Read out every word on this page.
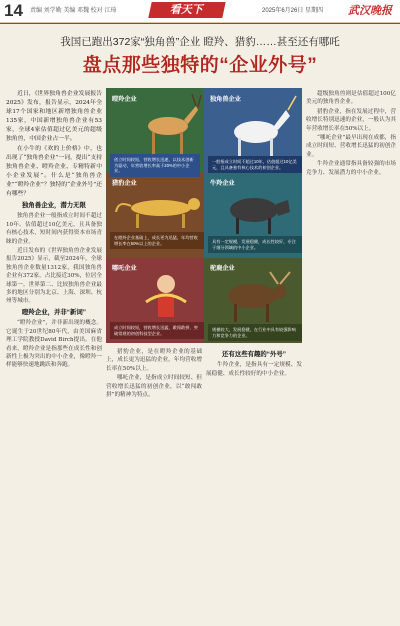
14 责编 刘学勤 美编 邓魏 校对 江琦	看天下	2025年6月26日 星期四 武汉晚报
我国已跑出372家“独角兽”企业 瞪羚、猎豹……甚至还有哪吒
盘点那些独特的“企业外号”

近日，《世界独角兽企业发展报告2025》发布，报告显示，2024年全球17个国家和地区新增独角兽企业135家，中国新增独角兽企业有53家，全球4家估值超过亿美元的超级独角兽，中国企业占一半。

在小牛的《欢的上价格》中，也出现了“独角兽企业”一词，提出“支持独角兽企业、瞪羚企业、专精特新中小企业发展”。什么是“独角兽企业”“瞪羚企业”？独特的“企业外号”还有哪些？

独角兽企业，潜力无限

独角兽企业一般指成立时间不超过10年、估值超过10亿美元，且具备独有核心技术，短时间内获得资本市场青睐的企业。

近日发布的《世界独角兽企业发展报告2025》显示，截至2024年，全球独角兽企业数量1312家，我国独角兽企业有372家，占比接近30%，位居全球第一。世界第二、比较独角兽企业最多的地区分别为北京、上海、深圳、杭州等城市。

瞪羚企业，并非“新词”

“瞪羚企业”，并非新出现的概念。它诞生于20世纪80年代，由美国麻省理工学院教授David Birch提出。在他看来，瞪羚企业是指那些在成长性和创新性上极为突出的中小企业，像瞪羚一样能够快速地跳跃和奔跑。

瞪羚企业	独角兽企业
猎豹企业	牛羚企业
哪吒企业	驼鹿企业
创立时间较短，营收增长迅速，以技术创新为驱动，年营收增长率高于20%的中小企业。
一般指成立时间不超过10年，估值超过10亿美元，且具备独有核心技术的初创企业。
在瞪羚企业基础上，成长更为迅猛，年均营收增长率在50%以上的企业。	具有一定规模，发展稳健，成长性较好，专注于细分领域的中小企业。
成立时间较短，营收增长迅猛，敢闯敢拼、突破常规的初创科技型企业。
规模较大，发展稳健，在行业中具有较强影响力和竞争力的企业。

猎豹企业，是在瞪羚企业的基础上，成长更为迅猛的企业，年均营收增长率在50%以上。

哪吒企业，是指成立时间较短、但营收增长迅猛的初创企业，以“敢闯敢拼”的精神为特点。

还有这些有趣的“外号”

牛羚企业，是指具有一定规模、发展稳健、成长性较好的中小企业。

超级独角兽则是估值超过100亿美元的独角兽企业。

猎豹企业，指在发展过程中，营收增长特别迅速的企业，一般认为其年营收增长率在50%以上。

“哪吒企业”最早出现在成都，指成立时间短、营收增长迅猛的初创企业。

牛羚企业通常指具备较强的市场竞争力、发展潜力的中小企业。
